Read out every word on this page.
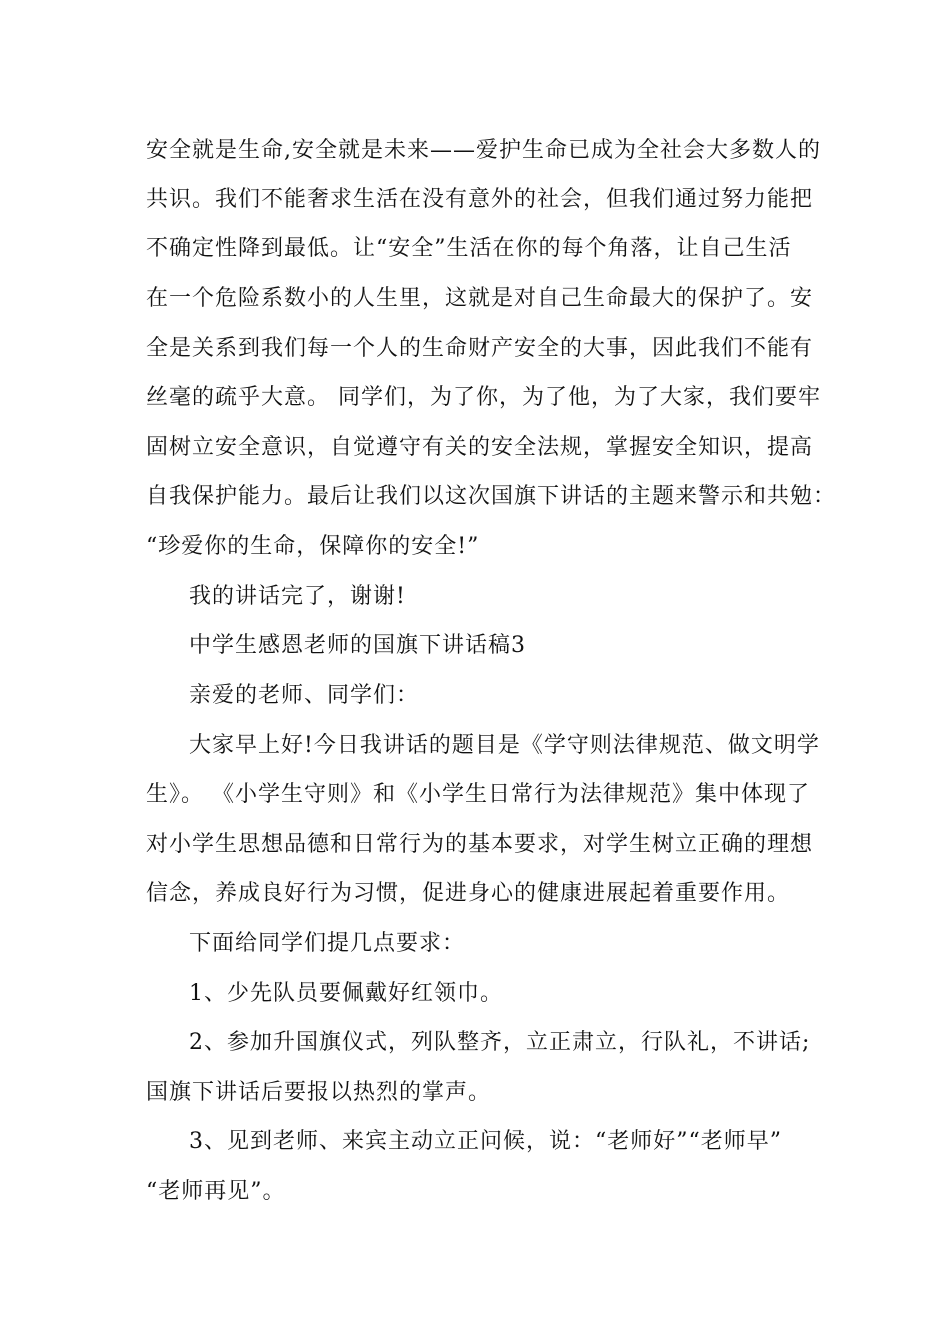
安全就是生命,安全就是未来——爱护生命已成为全社会大多数人的
共识。我们不能奢求生活在没有意外的社会，但我们通过努力能把
不确定性降到最低。让“安全”生活在你的每个角落，让自己生活
在一个危险系数小的人生里，这就是对自己生命最大的保护了。安
全是关系到我们每一个人的生命财产安全的大事，因此我们不能有
丝毫的疏乎大意。 同学们，为了你，为了他，为了大家，我们要牢
固树立安全意识，自觉遵守有关的安全法规，掌握安全知识，提高
自我保护能力。最后让我们以这次国旗下讲话的主题来警示和共勉：
“珍爱你的生命，保障你的安全!”
我的讲话完了，谢谢!
中学生感恩老师的国旗下讲话稿3
亲爱的老师、同学们：
大家早上好!今日我讲话的题目是《学守则法律规范、做文明学
生》。 《小学生守则》和《小学生日常行为法律规范》集中体现了
对小学生思想品德和日常行为的基本要求，对学生树立正确的理想
信念，养成良好行为习惯，促进身心的健康进展起着重要作用。
下面给同学们提几点要求：
1、少先队员要佩戴好红领巾。
2、参加升国旗仪式，列队整齐，立正肃立，行队礼，不讲话;
国旗下讲话后要报以热烈的掌声。
3、见到老师、来宾主动立正问候，说：“老师好”“老师早”
“老师再见”。
